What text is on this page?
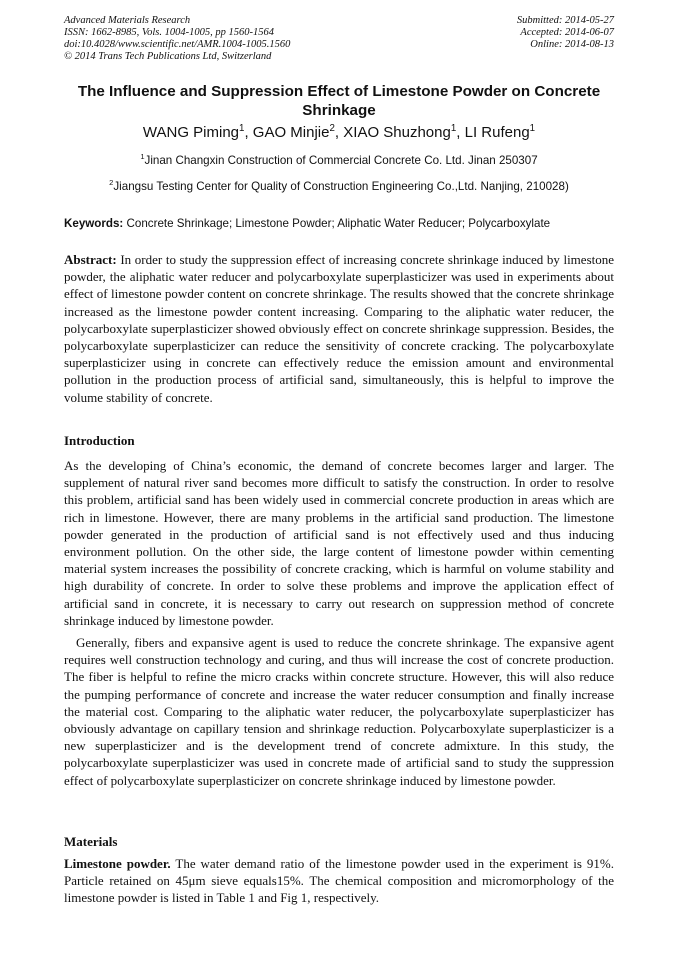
Advanced Materials Research
ISSN: 1662-8985, Vols. 1004-1005, pp 1560-1564
doi:10.4028/www.scientific.net/AMR.1004-1005.1560
© 2014 Trans Tech Publications Ltd, Switzerland
Submitted: 2014-05-27
Accepted: 2014-06-07
Online: 2014-08-13
The Influence and Suppression Effect of Limestone Powder on Concrete Shrinkage
WANG Piming$^1$, GAO Minjie$^2$, XIAO Shuzhong$^1$, LI Rufeng$^1$
$^1$Jinan Changxin Construction of Commercial Concrete Co. Ltd. Jinan 250307
$^2$Jiangsu Testing Center for Quality of Construction Engineering Co.,Ltd. Nanjing, 210028)
Keywords: Concrete Shrinkage; Limestone Powder; Aliphatic Water Reducer; Polycarboxylate
Abstract: In order to study the suppression effect of increasing concrete shrinkage induced by limestone powder, the aliphatic water reducer and polycarboxylate superplasticizer was used in experiments about effect of limestone powder content on concrete shrinkage. The results showed that the concrete shrinkage increased as the limestone powder content increasing. Comparing to the aliphatic water reducer, the polycarboxylate superplasticizer showed obviously effect on concrete shrinkage suppression. Besides, the polycarboxylate superplasticizer can reduce the sensitivity of concrete cracking. The polycarboxylate superplasticizer using in concrete can effectively reduce the emission amount and environmental pollution in the production process of artificial sand, simultaneously, this is helpful to improve the volume stability of concrete.
Introduction
As the developing of China’s economic, the demand of concrete becomes larger and larger. The supplement of natural river sand becomes more difficult to satisfy the construction. In order to resolve this problem, artificial sand has been widely used in commercial concrete production in areas which are rich in limestone. However, there are many problems in the artificial sand production. The limestone powder generated in the production of artificial sand is not effectively used and thus inducing environment pollution. On the other side, the large content of limestone powder within cementing material system increases the possibility of concrete cracking, which is harmful on volume stability and high durability of concrete. In order to solve these problems and improve the application effect of artificial sand in concrete, it is necessary to carry out research on suppression method of concrete shrinkage induced by limestone powder.
Generally, fibers and expansive agent is used to reduce the concrete shrinkage. The expansive agent requires well construction technology and curing, and thus will increase the cost of concrete production. The fiber is helpful to refine the micro cracks within concrete structure. However, this will also reduce the pumping performance of concrete and increase the water reducer consumption and finally increase the material cost. Comparing to the aliphatic water reducer, the polycarboxylate superplasticizer has obviously advantage on capillary tension and shrinkage reduction. Polycarboxylate superplasticizer is a new superplasticizer and is the development trend of concrete admixture. In this study, the polycarboxylate superplasticizer was used in concrete made of artificial sand to study the suppression effect of polycarboxylate superplasticizer on concrete shrinkage induced by limestone powder.
Materials
Limestone powder. The water demand ratio of the limestone powder used in the experiment is 91%. Particle retained on 45μm sieve equals15%. The chemical composition and micromorphology of the limestone powder is listed in Table 1 and Fig 1, respectively.
